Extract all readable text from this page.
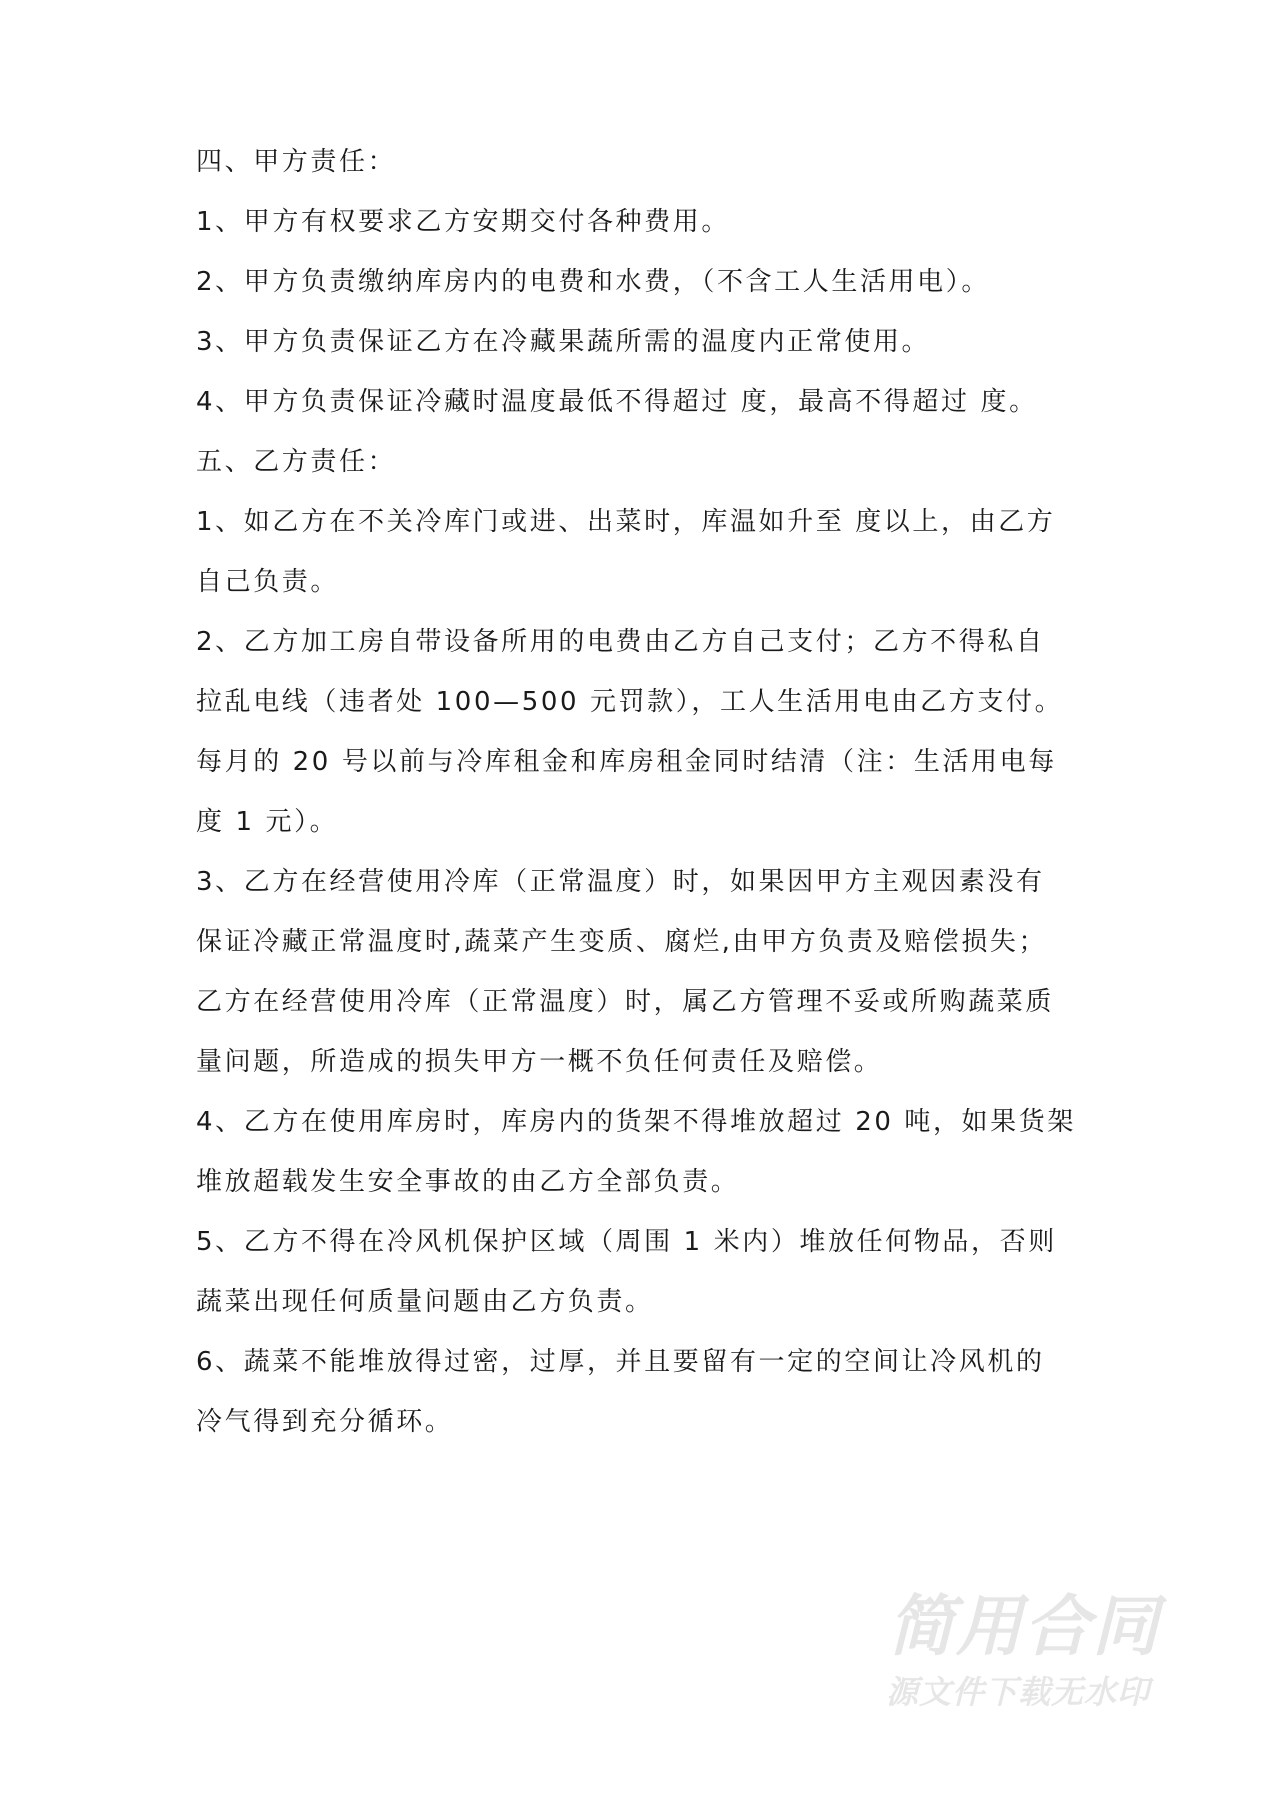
四、甲方责任：
1、甲方有权要求乙方安期交付各种费用。
2、甲方负责缴纳库房内的电费和水费，（不含工人生活用电）。
3、甲方负责保证乙方在冷藏果蔬所需的温度内正常使用。
4、甲方负责保证冷藏时温度最低不得超过 度，最高不得超过 度。
五、乙方责任：
1、如乙方在不关冷库门或进、出菜时，库温如升至 度以上，由乙方
自己负责。
2、乙方加工房自带设备所用的电费由乙方自己支付；乙方不得私自
拉乱电线（违者处 100—500 元罚款），工人生活用电由乙方支付。
每月的 20 号以前与冷库租金和库房租金同时结清（注：生活用电每
度 1 元）。
3、乙方在经营使用冷库（正常温度）时，如果因甲方主观因素没有
保证冷藏正常温度时,蔬菜产生变质、腐烂,由甲方负责及赔偿损失；
乙方在经营使用冷库（正常温度）时，属乙方管理不妥或所购蔬菜质
量问题，所造成的损失甲方一概不负任何责任及赔偿。
4、乙方在使用库房时，库房内的货架不得堆放超过 20 吨，如果货架
堆放超载发生安全事故的由乙方全部负责。
5、乙方不得在冷风机保护区域（周围 1 米内）堆放任何物品，否则
蔬菜出现任何质量问题由乙方负责。
6、蔬菜不能堆放得过密，过厚，并且要留有一定的空间让冷风机的
冷气得到充分循环。
简用合同
源文件下载无水印
